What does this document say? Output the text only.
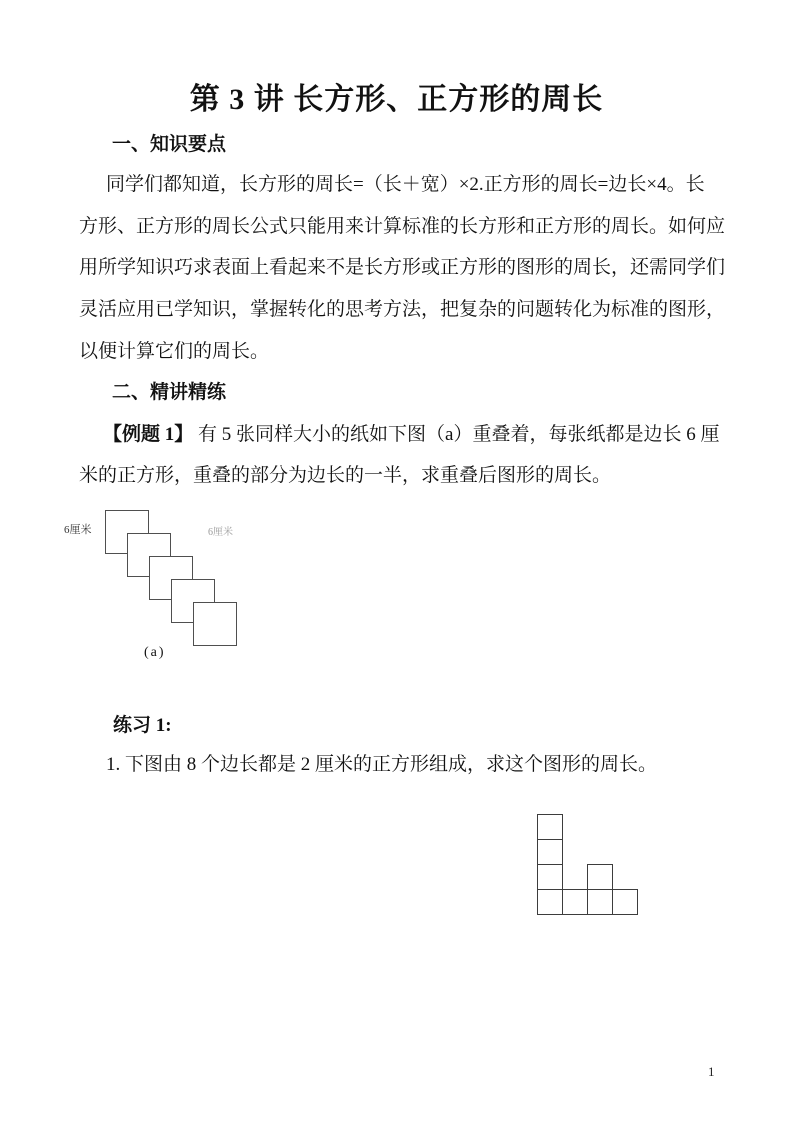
第 3 讲 长方形、正方形的周长
一、知识要点
同学们都知道，长方形的周长=（长＋宽）×2.正方形的周长=边长×4。长
方形、正方形的周长公式只能用来计算标准的长方形和正方形的周长。如何应
用所学知识巧求表面上看起来不是长方形或正方形的图形的周长，还需同学们
灵活应用已学知识，掌握转化的思考方法，把复杂的问题转化为标准的图形，
以便计算它们的周长。
二、精讲精练
【例题 1】 有 5 张同样大小的纸如下图（a）重叠着，每张纸都是边长 6 厘
米的正方形，重叠的部分为边长的一半，求重叠后图形的周长。
6厘米	6厘米
(a)
练习 1:
1. 下图由 8 个边长都是 2 厘米的正方形组成，求这个图形的周长。
1
